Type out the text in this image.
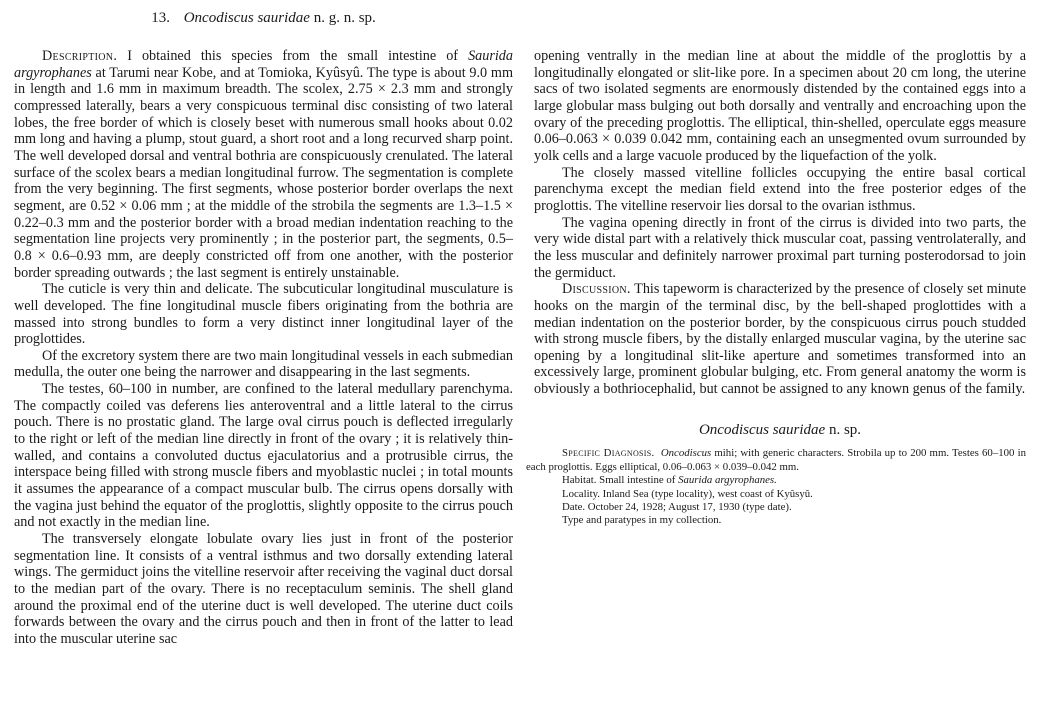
13. Oncodiscus sauridae n. g. n. sp.

Description. I obtained this species from the small intestine of Saurida argyrophanes at Tarumi near Kobe, and at Tomioka, Kyûsyû. The type is about 9.0 mm in length and 1.6 mm in maximum breadth. The scolex, 2.75 × 2.3 mm and strongly compressed laterally, bears a very conspicuous terminal disc consisting of two lateral lobes, the free border of which is closely beset with numerous small hooks about 0.02 mm long and having a plump, stout guard, a short root and a long recurved sharp point. The well developed dorsal and ventral bothria are conspicuously crenulated. The lateral surface of the scolex bears a median longitudinal furrow. The segmentation is complete from the very beginning. The first segments, whose posterior border overlaps the next segment, are 0.52 × 0.06 mm ; at the middle of the strobila the segments are 1.3–1.5 × 0.22–0.3 mm and the posterior border with a broad median indentation reaching to the segmentation line projects very prominently ; in the posterior part, the segments, 0.5–0.8 × 0.6–0.93 mm, are deeply constricted off from one another, with the posterior border spreading outwards ; the last segment is entirely unstainable.

The cuticle is very thin and delicate. The subcuticular longitudinal musculature is well developed. The fine longitudinal muscle fibers originating from the bothria are massed into strong bundles to form a very distinct inner longitudinal layer of the proglottides.

Of the excretory system there are two main longitudinal vessels in each submedian medulla, the outer one being the narrower and disappearing in the last segments.

The testes, 60–100 in number, are confined to the lateral medullary parenchyma. The compactly coiled vas deferens lies anteroventral and a little lateral to the cirrus pouch. There is no prostatic gland. The large oval cirrus pouch is deflected irregularly to the right or left of the median line directly in front of the ovary ; it is relatively thin-walled, and contains a convoluted ductus ejaculatorius and a protrusible cirrus, the interspace being filled with strong muscle fibers and myoblastic nuclei ; in total mounts it assumes the appearance of a compact muscular bulb. The cirrus opens dorsally with the vagina just behind the equator of the proglottis, slightly opposite to the cirrus pouch and not exactly in the median line.

The transversely elongate lobulate ovary lies just in front of the posterior segmentation line. It consists of a ventral isthmus and two dorsally extending lateral wings. The germiduct joins the vitelline reservoir after receiving the vaginal duct dorsal to the median part of the ovary. There is no receptaculum seminis. The shell gland around the proximal end of the uterine duct is well developed. The uterine duct coils forwards between the ovary and the cirrus pouch and then in front of the latter to lead into the muscular uterine sac

opening ventrally in the median line at about the middle of the proglottis by a longitudinally elongated or slit-like pore. In a specimen about 20 cm long, the uterine sacs of two isolated segments are enormously distended by the contained eggs into a large globular mass bulging out both dorsally and ventrally and encroaching upon the ovary of the preceding proglottis. The elliptical, thin-shelled, operculate eggs measure 0.06–0.063 × 0.039 0.042 mm, containing each an unsegmented ovum surrounded by yolk cells and a large vacuole produced by the liquefaction of the yolk.

The closely massed vitelline follicles occupying the entire basal cortical parenchyma except the median field extend into the free posterior edges of the proglottis. The vitelline reservoir lies dorsal to the ovarian isthmus.

The vagina opening directly in front of the cirrus is divided into two parts, the very wide distal part with a relatively thick muscular coat, passing ventrolaterally, and the less muscular and definitely narrower proximal part turning posterodorsad to join the germiduct.

Discussion. This tapeworm is characterized by the presence of closely set minute hooks on the margin of the terminal disc, by the bell-shaped proglottides with a median indentation on the posterior border, by the conspicuous cirrus pouch studded with strong muscle fibers, by the distally enlarged muscular vagina, by the uterine sac opening by a longitudinal slit-like aperture and sometimes transformed into an excessively large, prominent globular bulging, etc. From general anatomy the worm is obviously a bothriocephalid, but cannot be assigned to any known genus of the family.

Oncodiscus sauridae n. sp.

Specific Diagnosis. Oncodiscus mihi; with generic characters. Strobila up to 200 mm. Testes 60–100 in each proglottis. Eggs elliptical, 0.06–0.063 × 0.039–0.042 mm.

Habitat. Small intestine of Saurida argyrophanes.

Locality. Inland Sea (type locality), west coast of Kyûsyû.

Date. October 24, 1928; August 17, 1930 (type date).

Type and paratypes in my collection.
